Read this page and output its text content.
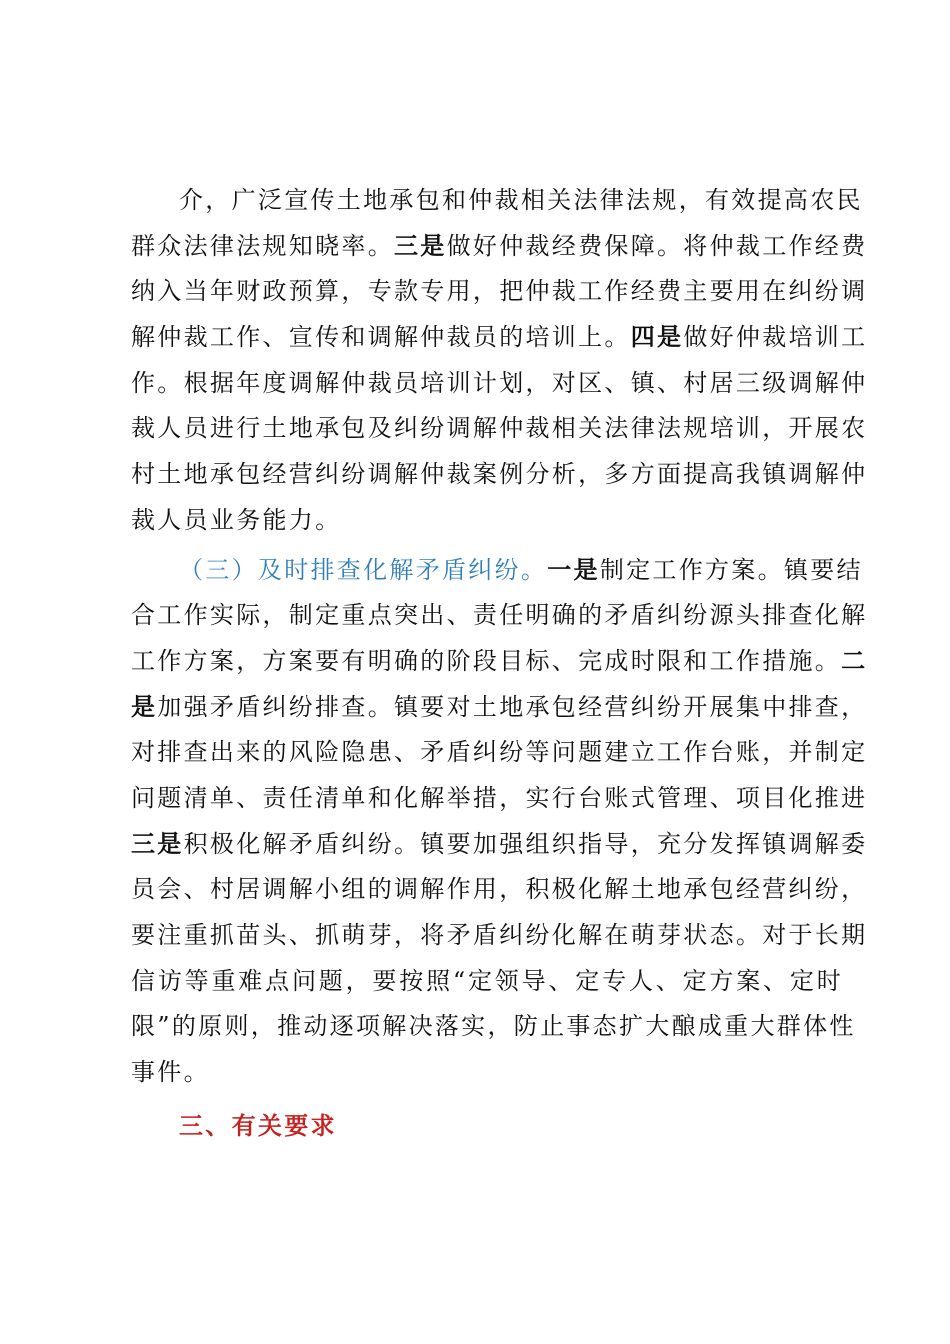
介，广泛宣传土地承包和仲裁相关法律法规，有效提高农民
群众法律法规知晓率。三是做好仲裁经费保障。将仲裁工作经费
纳入当年财政预算，专款专用，把仲裁工作经费主要用在纠纷调
解仲裁工作、宣传和调解仲裁员的培训上。四是做好仲裁培训工
作。根据年度调解仲裁员培训计划，对区、镇、村居三级调解仲
裁人员进行土地承包及纠纷调解仲裁相关法律法规培训，开展农
村土地承包经营纠纷调解仲裁案例分析，多方面提高我镇调解仲
裁人员业务能力。
（三）及时排查化解矛盾纠纷。一是制定工作方案。镇要结
合工作实际，制定重点突出、责任明确的矛盾纠纷源头排查化解
工作方案，方案要有明确的阶段目标、完成时限和工作措施。二
是加强矛盾纠纷排查。镇要对土地承包经营纠纷开展集中排查，
对排查出来的风险隐患、矛盾纠纷等问题建立工作台账，并制定
问题清单、责任清单和化解举措，实行台账式管理、项目化推进
三是积极化解矛盾纠纷。镇要加强组织指导，充分发挥镇调解委
员会、村居调解小组的调解作用，积极化解土地承包经营纠纷，
要注重抓苗头、抓萌芽，将矛盾纠纷化解在萌芽状态。对于长期
信访等重难点问题，要按照“定领导、定专人、定方案、定时
限”的原则，推动逐项解决落实，防止事态扩大酿成重大群体性
事件。
三、有关要求
